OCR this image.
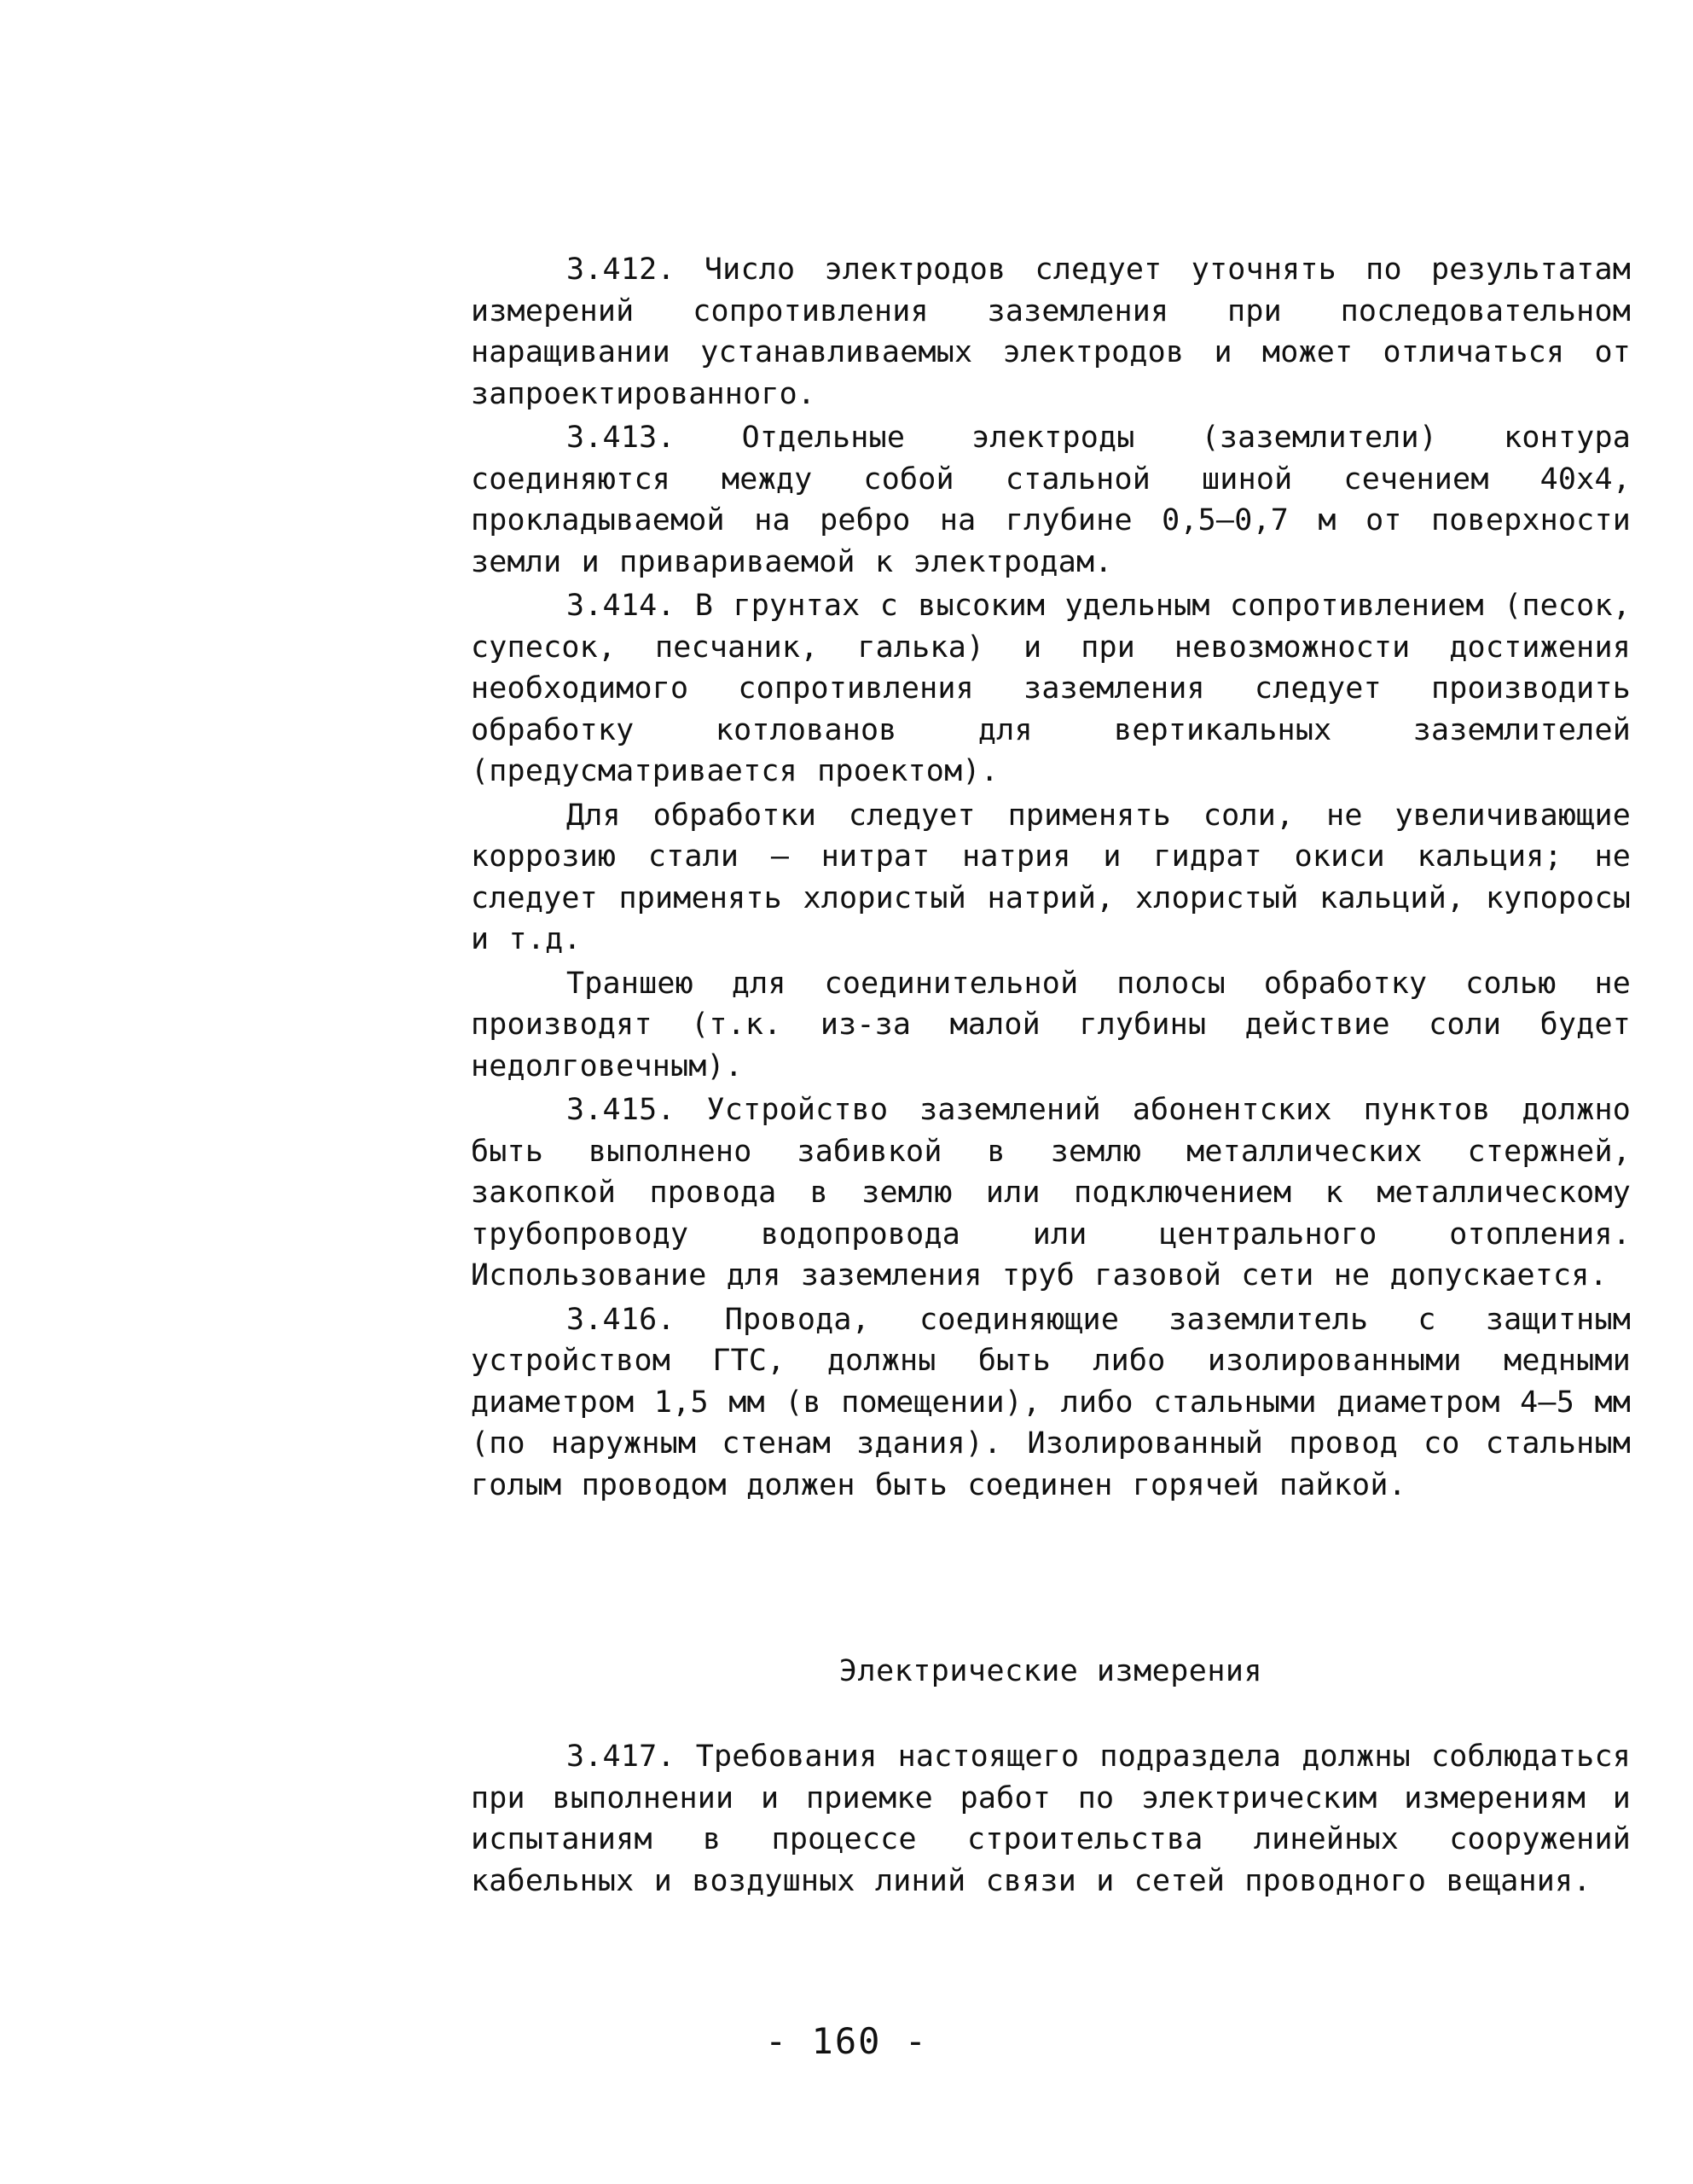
3.412. Число электродов следует уточнять по результатам измерений сопротивления заземления при последовательном наращивании устанавливаемых электродов и может отличаться от запроектированного.

3.413. Отдельные электроды (заземлители) контура соединяются между собой стальной шиной сечением 40х4, прокладываемой на ребро на глубине 0,5–0,7 м от поверхности земли и привариваемой к электродам.

3.414. В грунтах с высоким удельным сопротивлением (песок, супесок, песчаник, галька) и при невозможности достижения необходимого сопротивления заземления следует производить обработку котлованов для вертикальных заземлителей (предусматривается проектом).

Для обработки следует применять соли, не увеличивающие коррозию стали – нитрат натрия и гидрат окиси кальция; не следует применять хлористый натрий, хлористый кальций, купоросы и т.д.

Траншею для соединительной полосы обработку солью не производят (т.к. из-за малой глубины действие соли будет недолговечным).

3.415. Устройство заземлений абонентских пунктов должно быть выполнено забивкой в землю металлических стержней, закопкой провода в землю или подключением к металлическому трубопроводу водопровода или центрального отопления. Использование для заземления труб газовой сети не допускается.

3.416. Провода, соединяющие заземлитель с защитным устройством ГТС, должны быть либо изолированными медными диаметром 1,5 мм (в помещении), либо стальными диаметром 4–5 мм (по наружным стенам здания). Изолированный провод со стальным голым проводом должен быть соединен горячей пайкой.

Электрические измерения

3.417. Требования настоящего подраздела должны соблюдаться при выполнении и приемке работ по электрическим измерениям и испытаниям в процессе строительства линейных сооружений кабельных и воздушных линий связи и сетей проводного вещания.

- 160 -
